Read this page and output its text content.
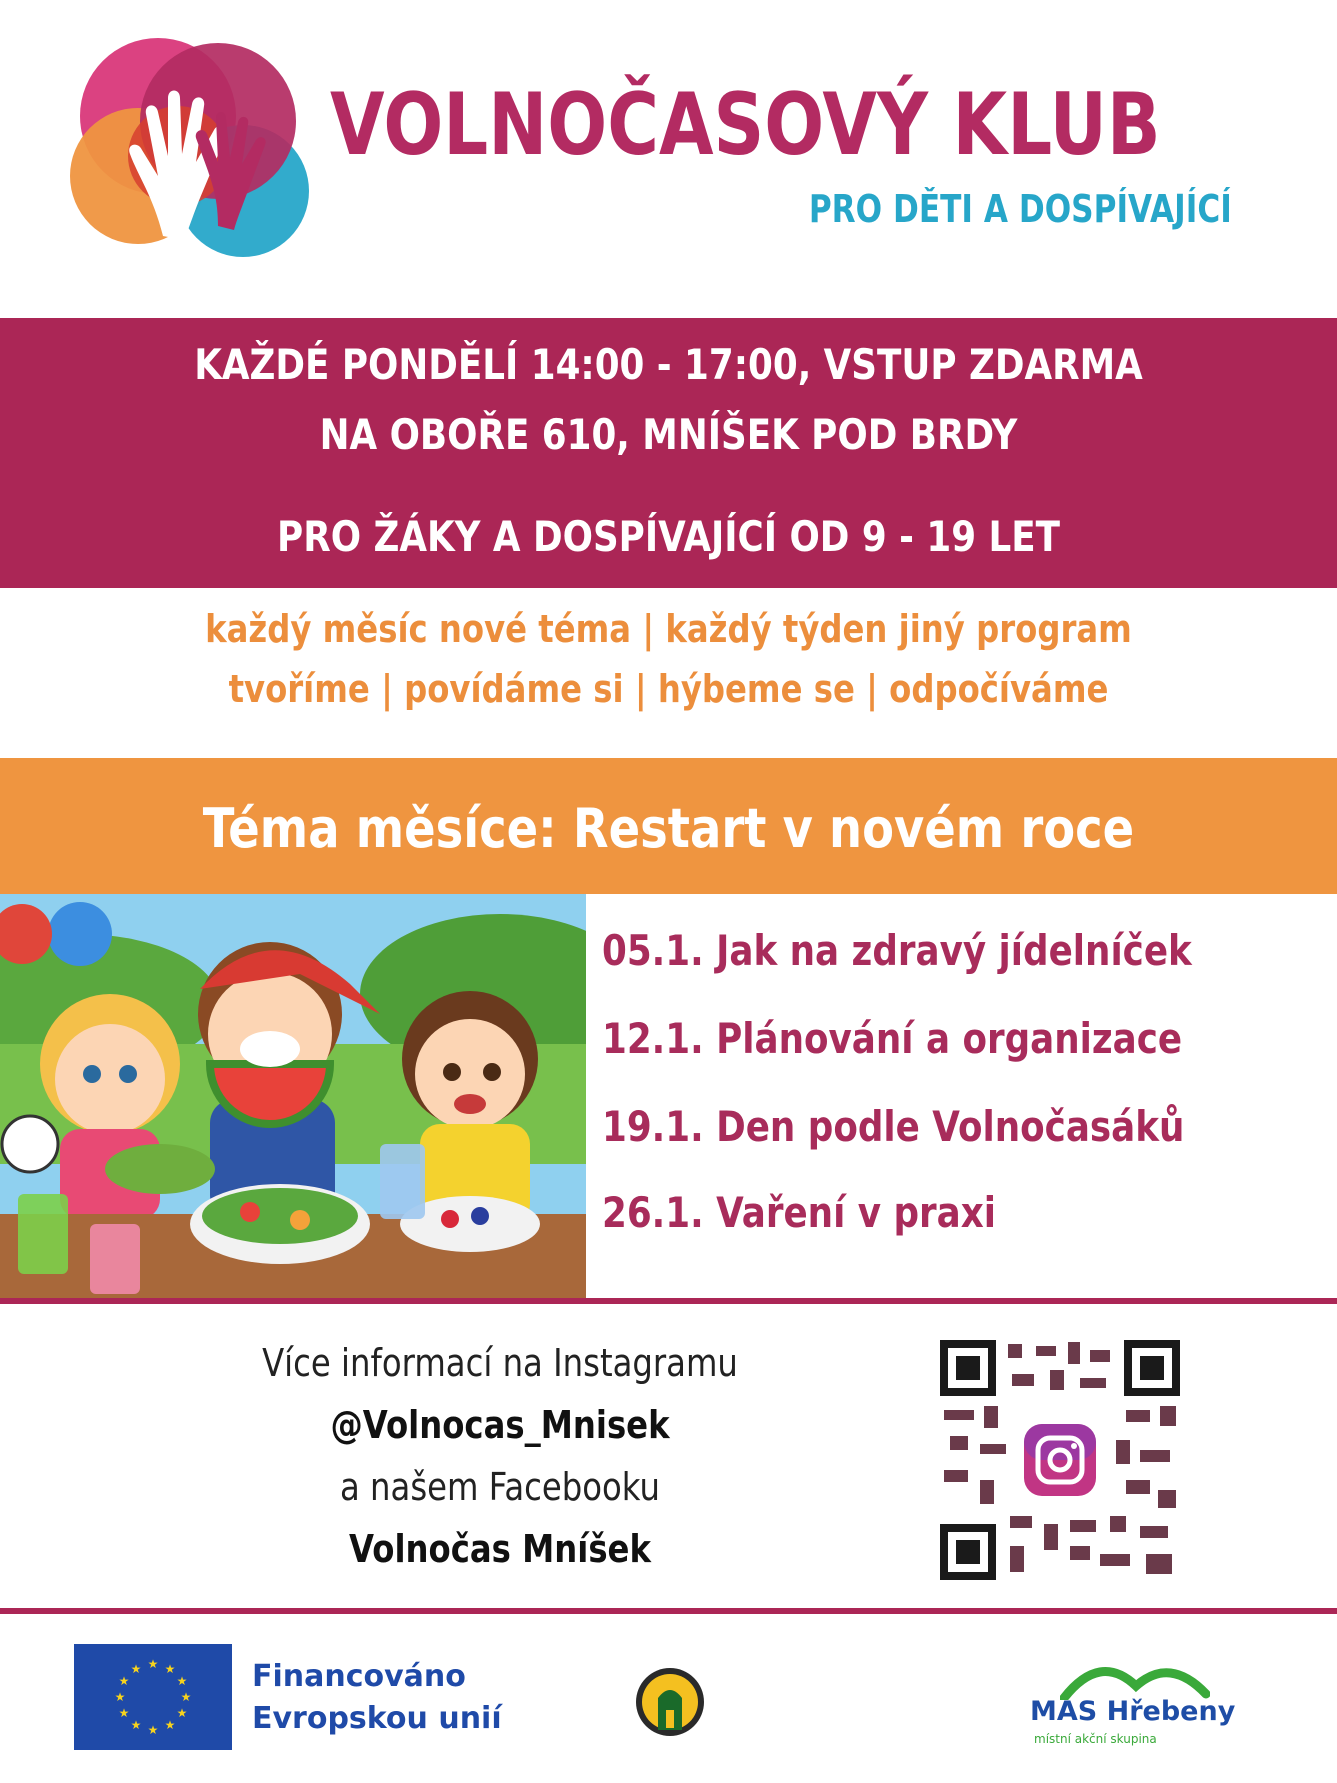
VOLNOČASOVÝ KLUB
PRO DĚTI A DOSPÍVAJÍCÍ
KAŽDÉ PONDĚLÍ 14:00 - 17:00, VSTUP ZDARMA
NA OBOŘE 610, MNÍŠEK POD BRDY
PRO ŽÁKY A DOSPÍVAJÍCÍ OD 9 - 19 LET
každý měsíc nové téma | každý týden jiný program
tvoříme | povídáme si | hýbeme se | odpočíváme
Téma měsíce: Restart v novém roce
05.1. Jak na zdravý jídelníček
12.1. Plánování a organizace
19.1. Den podle Volnočasáků
26.1. Vaření v praxi
Více informací na Instagramu
@Volnocas_Mnisek
a našem Facebooku
Volnočas Mníšek
★ ★
★
★
★
★
★
★
★
★
★
★	Financováno
Evropskou unií	MAS Hřebeny
místní akční skupina
